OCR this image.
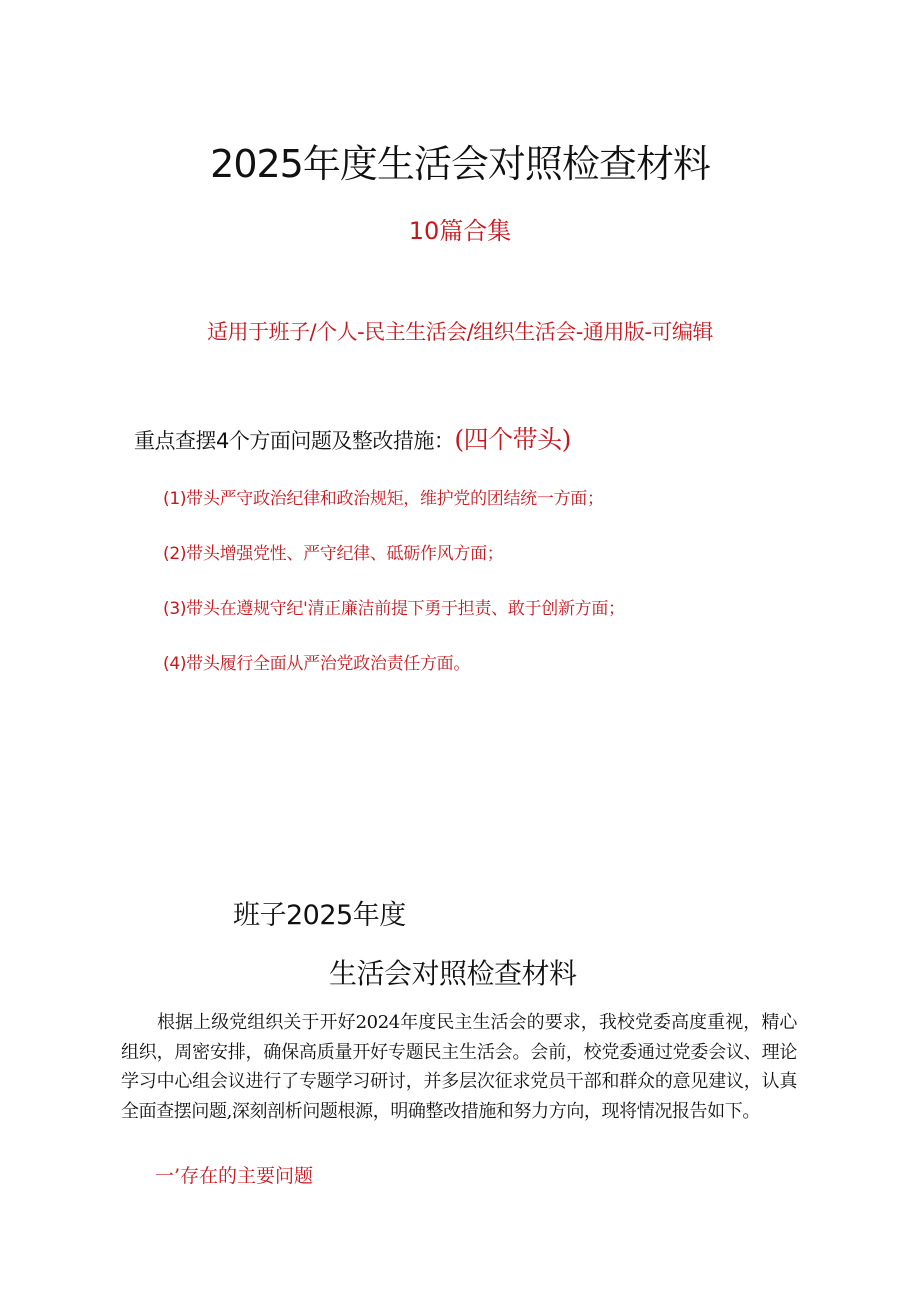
2025年度生活会对照检查材料
10篇合集
适用于班子/个人-民主生活会/组织生活会-通用版-可编辑
重点查摆4个方面问题及整改措施：(四个带头)
(1)带头严守政治纪律和政治规矩，维护党的团结统一方面；
(2)带头增强党性、严守纪律、砥砺作风方面；
(3)带头在遵规守纪'清正廉洁前提下勇于担责、敢于创新方面；
(4)带头履行全面从严治党政治责任方面。
班子2025年度
生活会对照检查材料
根据上级党组织关于开好2024年度民主生活会的要求，我校党委高度重视，精心组织，周密安排，确保高质量开好专题民主生活会。会前，校党委通过党委会议、理论学习中心组会议进行了专题学习研讨，并多层次征求党员干部和群众的意见建议，认真全面查摆问题,深刻剖析问题根源，明确整改措施和努力方向，现将情况报告如下。
一’存在的主要问题
